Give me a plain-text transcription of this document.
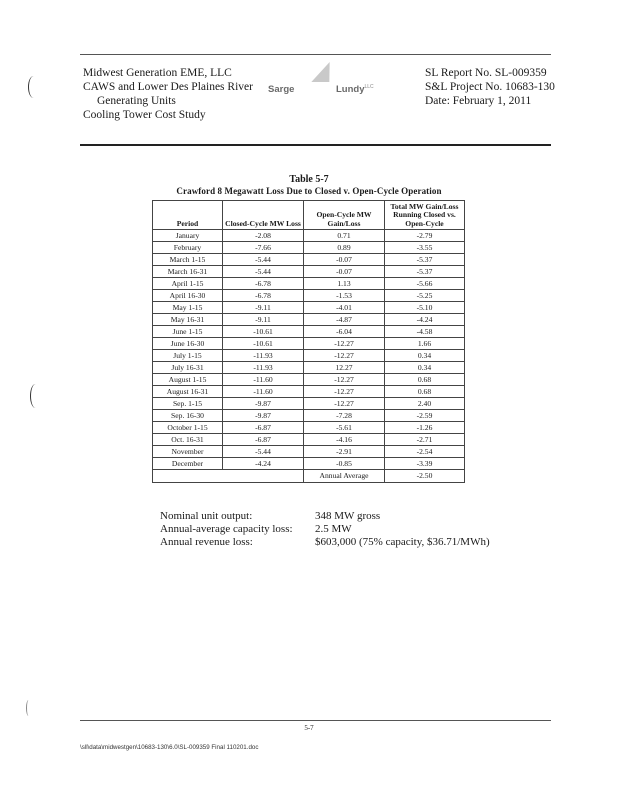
Midwest Generation EME, LLC
CAWS and Lower Des Plaines River
Generating Units
Cooling Tower Cost Study
Sarge	Lundy$^{LLC}$
SL Report No. SL-009359
S&L Project No. 10683-130
Date: February 1, 2011
Table 5-7
Crawford 8 Megawatt Loss Due to Closed v. Open-Cycle Operation
Period	Closed-Cycle MW Loss	Open-Cycle MW Gain/Loss	Total MW Gain/Loss Running Closed vs. Open-Cycle
January	-2.08	0.71	-2.79
February	-7.66	0.89	-3.55
March 1-15	-5.44	-0.07	-5.37
March 16-31	-5.44	-0.07	-5.37
April 1-15	-6.78	1.13	-5.66
April 16-30	-6.78	-1.53	-5.25
May 1-15	-9.11	-4.01	-5.10
May 16-31	-9.11	-4.87	-4.24
June 1-15	-10.61	-6.04	-4.58
June 16-30	-10.61	-12.27	1.66
July 1-15	-11.93	-12.27	0.34
July 16-31	-11.93	12.27	0.34
August 1-15	-11.60	-12.27	0.68
August 16-31	-11.60	-12.27	0.68
Sep. 1-15	-9.87	-12.27	2.40
Sep. 16-30	-9.87	-7.28	-2.59
October 1-15	-6.87	-5.61	-1.26
Oct. 16-31	-6.87	-4.16	-2.71
November	-5.44	-2.91	-2.54
December	-4.24	-0.85	-3.39
		Annual Average	-2.50
Nominal unit output:	348 MW gross
Annual-average capacity loss:	2.5 MW
Annual revenue loss:	$603,000 (75% capacity, $36.71/MWh)
5-7
\sll\data\midwestgen\10683-130\6.0\SL-009359 Final 110201.doc
